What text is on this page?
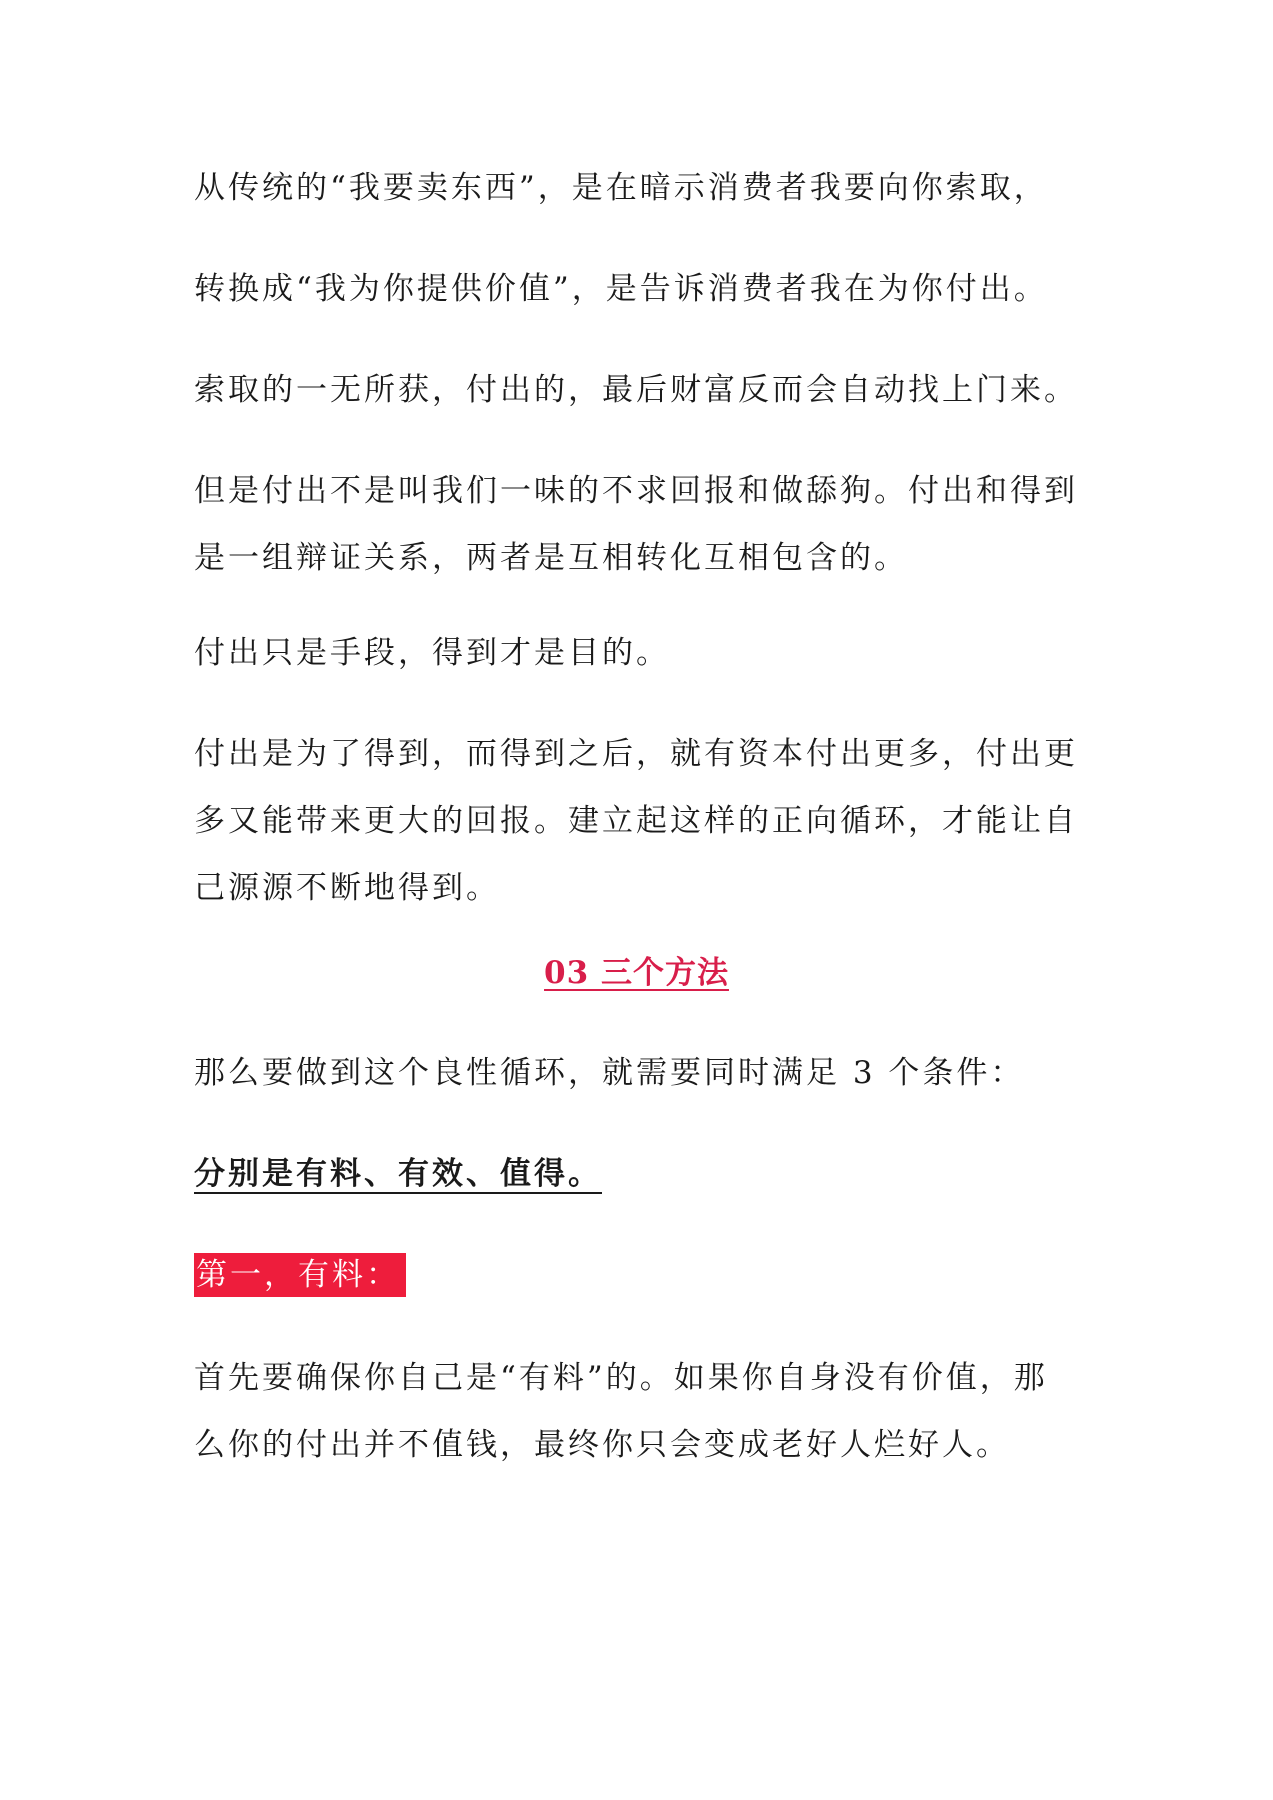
从传统的“我要卖东西”，是在暗示消费者我要向你索取，

转换成“我为你提供价值”，是告诉消费者我在为你付出。

索取的一无所获，付出的，最后财富反而会自动找上门来。

但是付出不是叫我们一味的不求回报和做舔狗。付出和得到
是一组辩证关系，两者是互相转化互相包含的。

付出只是手段，得到才是目的。

付出是为了得到，而得到之后，就有资本付出更多，付出更
多又能带来更大的回报。建立起这样的正向循环，才能让自
己源源不断地得到。

03 三个方法

那么要做到这个良性循环，就需要同时满足 3 个条件：

分别是有料、有效、值得。

第一，有料：

首先要确保你自己是“有料”的。如果你自身没有价值，那
么你的付出并不值钱，最终你只会变成老好人烂好人。
